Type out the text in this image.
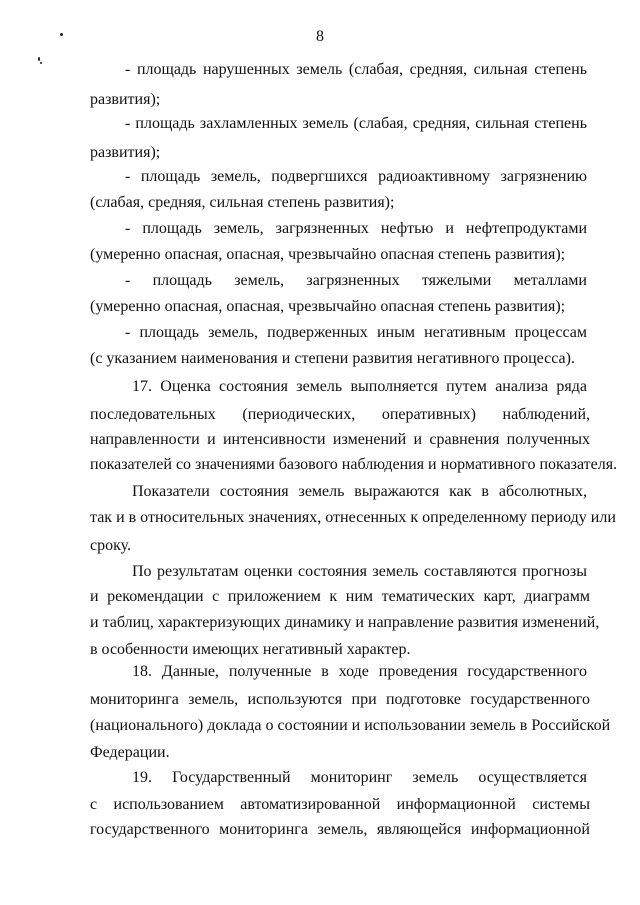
8
- площадь нарушенных земель (слабая, средняя, сильная степень
развития);
- площадь захламленных земель (слабая, средняя, сильная степень
развития);
- площадь земель, подвергшихся радиоактивному загрязнению
(слабая, средняя, сильная степень развития);
- площадь земель, загрязненных нефтью и нефтепродуктами
(умеренно опасная, опасная, чрезвычайно опасная степень развития);
- площадь земель, загрязненных тяжелыми металлами
(умеренно опасная, опасная, чрезвычайно опасная степень развития);
- площадь земель, подверженных иным негативным процессам
(с указанием наименования и степени развития негативного процесса).
17. Оценка состояния земель выполняется путем анализа ряда
последовательных (периодических, оперативных) наблюдений,
направленности и интенсивности изменений и сравнения полученных
показателей со значениями базового наблюдения и нормативного показателя.
Показатели состояния земель выражаются как в абсолютных,
так и в относительных значениях, отнесенных к определенному периоду или
сроку.
По результатам оценки состояния земель составляются прогнозы
и рекомендации с приложением к ним тематических карт, диаграмм
и таблиц, характеризующих динамику и направление развития изменений,
в особенности имеющих негативный характер.
18. Данные, полученные в ходе проведения государственного
мониторинга земель, используются при подготовке государственного
(национального) доклада о состоянии и использовании земель в Российской
Федерации.
19. Государственный мониторинг земель осуществляется
с использованием автоматизированной информационной системы
государственного мониторинга земель, являющейся информационной
